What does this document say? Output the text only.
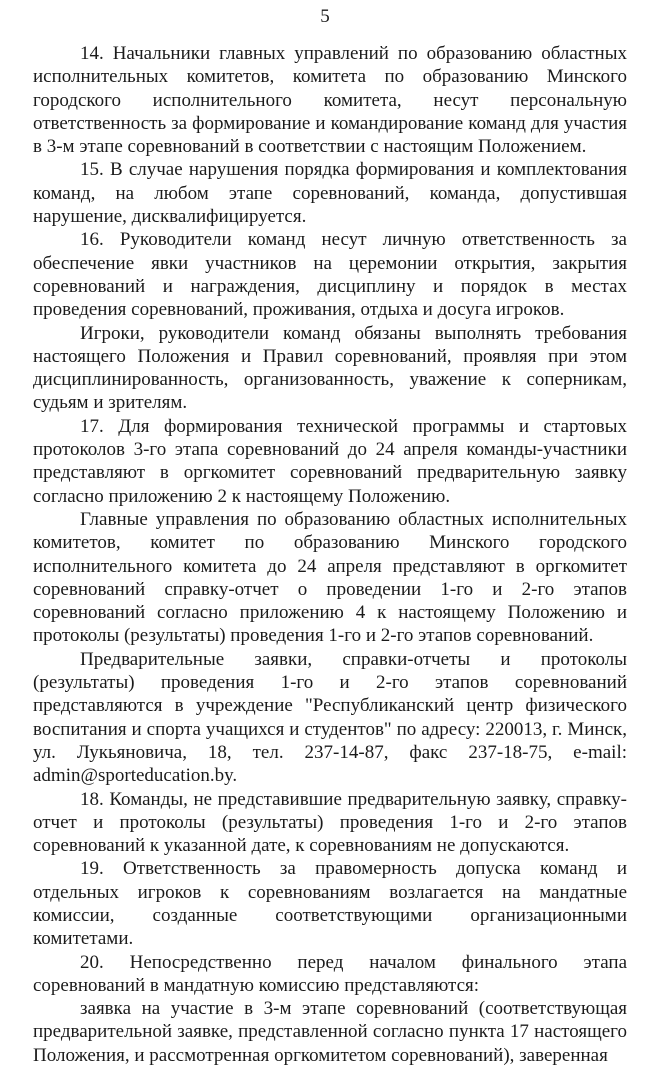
5

14. Начальники главных управлений по образованию областных исполнительных комитетов, комитета по образованию Минского городского исполнительного комитета, несут персональную ответственность за формирование и командирование команд для участия в 3-м этапе соревнований в соответствии с настоящим Положением.

15. В случае нарушения порядка формирования и комплектования команд, на любом этапе соревнований, команда, допустившая нарушение, дисквалифицируется.

16. Руководители команд несут личную ответственность за обеспечение явки участников на церемонии открытия, закрытия соревнований и награждения, дисциплину и порядок в местах проведения соревнований, проживания, отдыха и досуга игроков.

Игроки, руководители команд обязаны выполнять требования настоящего Положения и Правил соревнований, проявляя при этом дисциплинированность, организованность, уважение к соперникам, судьям и зрителям.

17. Для формирования технической программы и стартовых протоколов 3-го этапа соревнований до 24 апреля команды-участники представляют в оргкомитет соревнований предварительную заявку согласно приложению 2 к настоящему Положению.

Главные управления по образованию областных исполнительных комитетов, комитет по образованию Минского городского исполнительного комитета до 24 апреля представляют в оргкомитет соревнований справку-отчет о проведении 1-го и 2-го этапов соревнований согласно приложению 4 к настоящему Положению и протоколы (результаты) проведения 1-го и 2-го этапов соревнований.

Предварительные заявки, справки-отчеты и протоколы (результаты) проведения 1-го и 2-го этапов соревнований представляются в учреждение "Республиканский центр физического воспитания и спорта учащихся и студентов" по адресу: 220013, г. Минск, ул. Лукьяновича, 18, тел. 237-14-87, факс 237-18-75, e-mail: admin@sporteducation.by.

18. Команды, не представившие предварительную заявку, справку-отчет и протоколы (результаты) проведения 1-го и 2-го этапов соревнований к указанной дате, к соревнованиям не допускаются.

19. Ответственность за правомерность допуска команд и отдельных игроков к соревнованиям возлагается на мандатные комиссии, созданные соответствующими организационными комитетами.

20. Непосредственно перед началом финального этапа соревнований в мандатную комиссию представляются:

заявка на участие в 3-м этапе соревнований (соответствующая предварительной заявке, представленной согласно пункта 17 настоящего Положения, и рассмотренная оргкомитетом соревнований), заверенная
